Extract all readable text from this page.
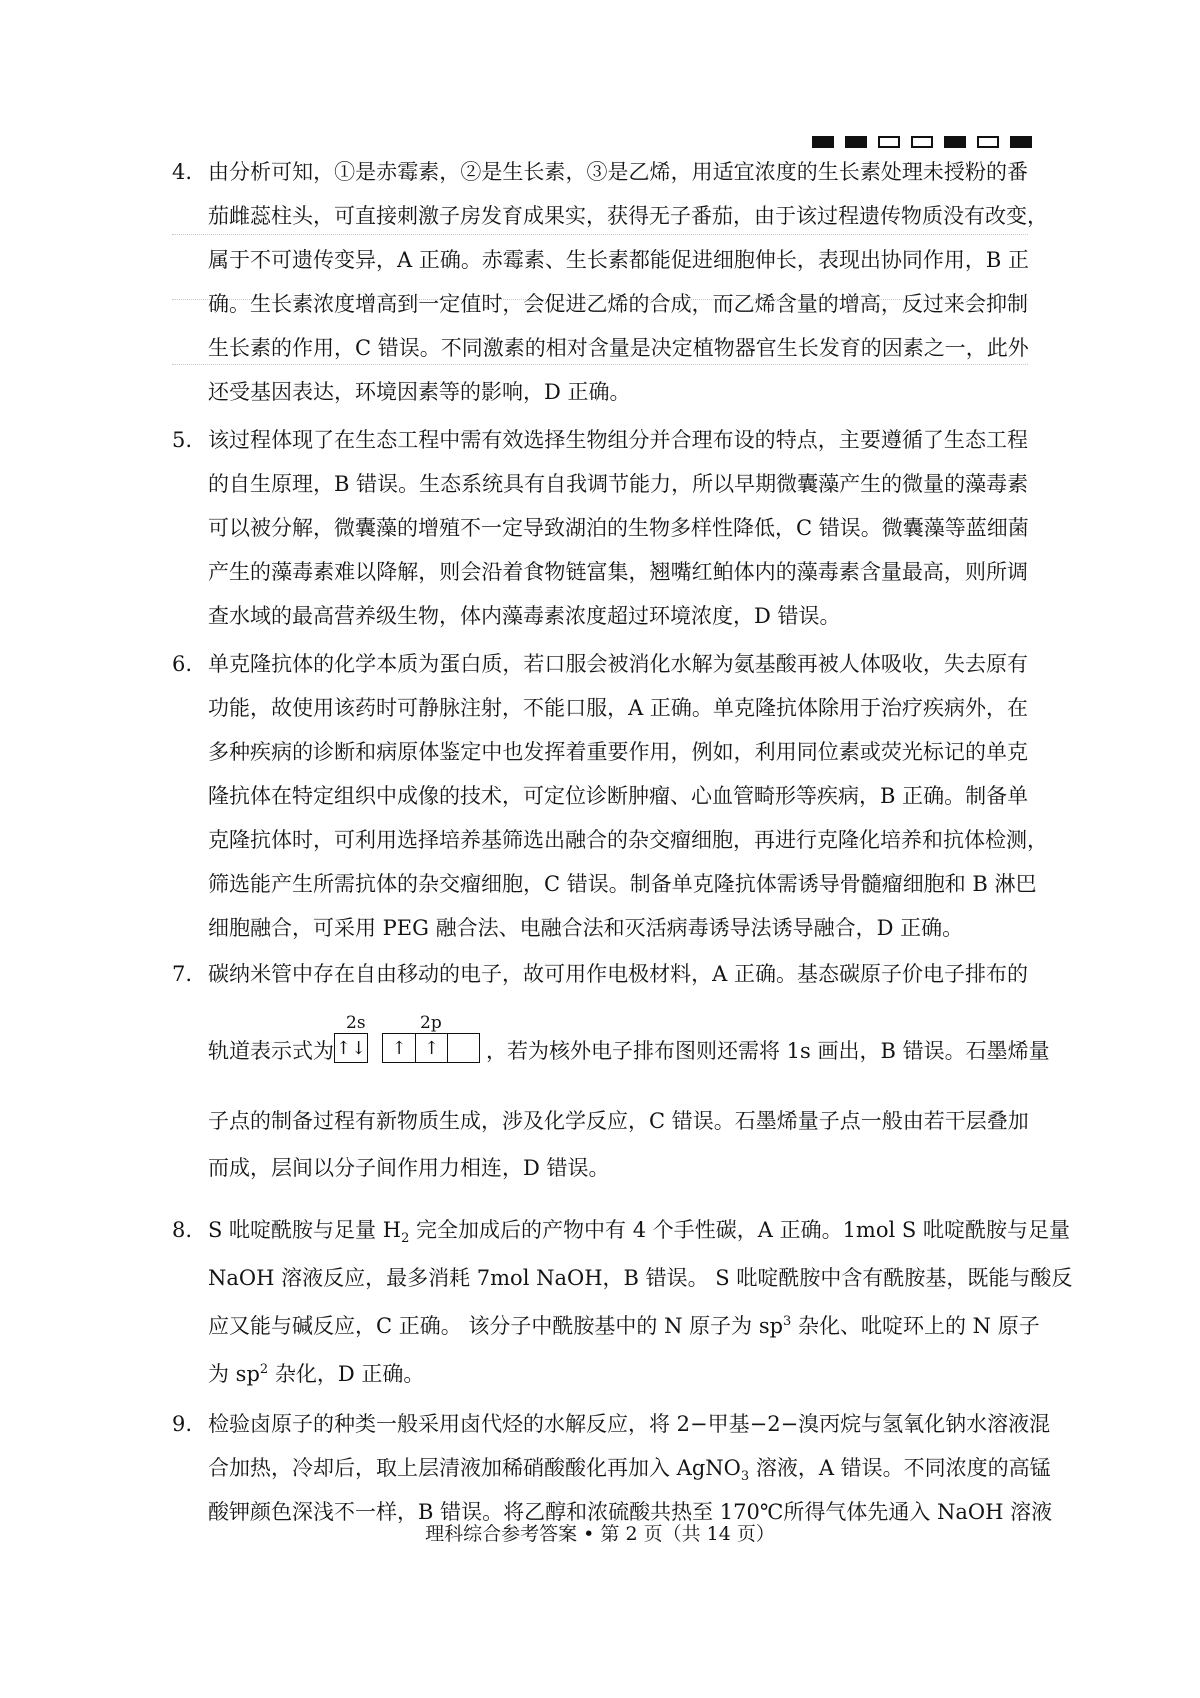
4. 由分析可知，①是赤霉素，②是生长素，③是乙烯，用适宜浓度的生长素处理未授粉的番
茄雌蕊柱头，可直接刺激子房发育成果实，获得无子番茄，由于该过程遗传物质没有改变，
属于不可遗传变异，A 正确。赤霉素、生长素都能促进细胞伸长，表现出协同作用，B 正
确。生长素浓度增高到一定值时，会促进乙烯的合成，而乙烯含量的增高，反过来会抑制
生长素的作用，C 错误。不同激素的相对含量是决定植物器官生长发育的因素之一，此外
还受基因表达，环境因素等的影响，D 正确。
5. 该过程体现了在生态工程中需有效选择生物组分并合理布设的特点，主要遵循了生态工程
的自生原理，B 错误。生态系统具有自我调节能力，所以早期微囊藻产生的微量的藻毒素
可以被分解，微囊藻的增殖不一定导致湖泊的生物多样性降低，C 错误。微囊藻等蓝细菌
产生的藻毒素难以降解，则会沿着食物链富集，翘嘴红鲌体内的藻毒素含量最高，则所调
查水域的最高营养级生物，体内藻毒素浓度超过环境浓度，D 错误。
6. 单克隆抗体的化学本质为蛋白质，若口服会被消化水解为氨基酸再被人体吸收，失去原有
功能，故使用该药时可静脉注射，不能口服，A 正确。单克隆抗体除用于治疗疾病外，在
多种疾病的诊断和病原体鉴定中也发挥着重要作用，例如，利用同位素或荧光标记的单克
隆抗体在特定组织中成像的技术，可定位诊断肿瘤、心血管畸形等疾病，B 正确。制备单
克隆抗体时，可利用选择培养基筛选出融合的杂交瘤细胞，再进行克隆化培养和抗体检测，
筛选能产生所需抗体的杂交瘤细胞，C 错误。制备单克隆抗体需诱导骨髓瘤细胞和 B 淋巴
细胞融合，可采用 PEG 融合法、电融合法和灭活病毒诱导法诱导融合，D 正确。
7. 碳纳米管中存在自由移动的电子，故可用作电极材料，A 正确。基态碳原子价电子排布的
轨道表示式为
2s	2p
↑↓	↑ ↑	，若为核外电子排布图则还需将 1s 画出，B 错误。石墨烯量
子点的制备过程有新物质生成，涉及化学反应，C 错误。石墨烯量子点一般由若干层叠加
而成，层间以分子间作用力相连，D 错误。
8. S 吡啶酰胺与足量 $H_2$ 完全加成后的产物中有 4 个手性碳，A 正确。1mol S 吡啶酰胺与足量
NaOH 溶液反应，最多消耗 7mol NaOH，B 错误。 S 吡啶酰胺中含有酰胺基，既能与酸反
应又能与碱反应，C 正确。 该分子中酰胺基中的 N 原子为 $sp^3$ 杂化、吡啶环上的 N 原子
为 $sp^2$ 杂化，D 正确。
9. 检验卤原子的种类一般采用卤代烃的水解反应，将 2−甲基−2−溴丙烷与氢氧化钠水溶液混
合加热，冷却后，取上层清液加稀硝酸酸化再加入 AgNO$_3$ 溶液，A 错误。不同浓度的高锰
酸钾颜色深浅不一样，B 错误。将乙醇和浓硫酸共热至 170℃所得气体先通入 NaOH 溶液
理科综合参考答案 • 第 2 页（共 14 页）
